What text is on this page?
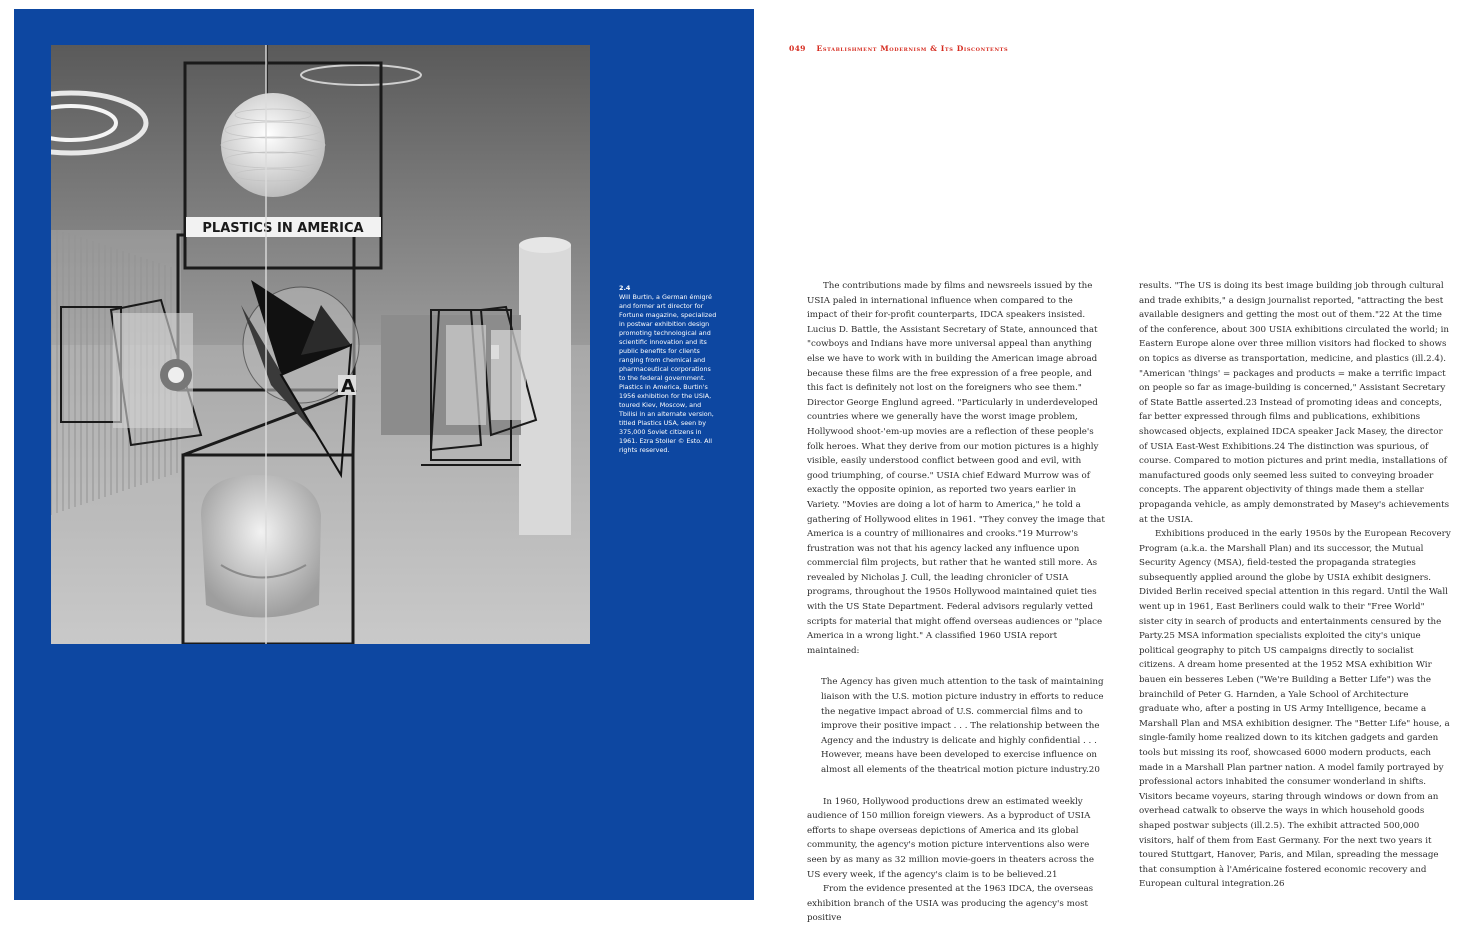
PLASTICS IN AMERICA
A
2.4
Will Burtin, a German émigré and former art director for Fortune magazine, specialized in postwar exhibition design promoting technological and scientific innovation and its public benefits for clients ranging from chemical and pharmaceutical corporations to the federal government. Plastics in America, Burtin's 1956 exhibition for the USIA, toured Kiev, Moscow, and Tbilisi in an alternate version, titled Plastics USA, seen by 375,000 Soviet citizens in 1961. Ezra Stoller © Esto. All rights reserved.
049 Establishment Modernism & Its Discontents

The contributions made by films and newsreels issued by the USIA paled in international influence when compared to the impact of their for-profit counterparts, IDCA speakers insisted. Lucius D. Battle, the Assistant Secretary of State, announced that "cowboys and Indians have more universal appeal than anything else we have to work with in building the American image abroad because these films are the free expression of a free people, and this fact is definitely not lost on the foreigners who see them." Director George Englund agreed. "Particularly in underdeveloped countries where we generally have the worst image problem, Hollywood shoot-'em-up movies are a reflection of these people's folk heroes. What they derive from our motion pictures is a highly visible, easily understood conflict between good and evil, with good triumphing, of course." USIA chief Edward Murrow was of exactly the opposite opinion, as reported two years earlier in Variety. "Movies are doing a lot of harm to America," he told a gathering of Hollywood elites in 1961. "They convey the image that America is a country of millionaires and crooks."19 Murrow's frustration was not that his agency lacked any influence upon commercial film projects, but rather that he wanted still more. As revealed by Nicholas J. Cull, the leading chronicler of USIA programs, throughout the 1950s Hollywood maintained quiet ties with the US State Department. Federal advisors regularly vetted scripts for material that might offend overseas audiences or "place America in a wrong light." A classified 1960 USIA report maintained:

The Agency has given much attention to the task of maintaining liaison with the U.S. motion picture industry in efforts to reduce the negative impact abroad of U.S. commercial films and to improve their positive impact . . . The relationship between the Agency and the industry is delicate and highly confidential . . . However, means have been developed to exercise influence on almost all elements of the theatrical motion picture industry.20

In 1960, Hollywood productions drew an estimated weekly audience of 150 million foreign viewers. As a byproduct of USIA efforts to shape overseas depictions of America and its global community, the agency's motion picture interventions also were seen by as many as 32 million movie-goers in theaters across the US every week, if the agency's claim is to be believed.21

From the evidence presented at the 1963 IDCA, the overseas exhibition branch of the USIA was producing the agency's most positive

results. "The US is doing its best image building job through cultural and trade exhibits," a design journalist reported, "attracting the best available designers and getting the most out of them."22 At the time of the conference, about 300 USIA exhibitions circulated the world; in Eastern Europe alone over three million visitors had flocked to shows on topics as diverse as transportation, medicine, and plastics (ill.2.4). "American 'things' = packages and products = make a terrific impact on people so far as image-building is concerned," Assistant Secretary of State Battle asserted.23 Instead of promoting ideas and concepts, far better expressed through films and publications, exhibitions showcased objects, explained IDCA speaker Jack Masey, the director of USIA East-West Exhibitions.24 The distinction was spurious, of course. Compared to motion pictures and print media, installations of manufactured goods only seemed less suited to conveying broader concepts. The apparent objectivity of things made them a stellar propaganda vehicle, as amply demonstrated by Masey's achievements at the USIA.

Exhibitions produced in the early 1950s by the European Recovery Program (a.k.a. the Marshall Plan) and its successor, the Mutual Security Agency (MSA), field-tested the propaganda strategies subsequently applied around the globe by USIA exhibit designers. Divided Berlin received special attention in this regard. Until the Wall went up in 1961, East Berliners could walk to their "Free World" sister city in search of products and entertainments censured by the Party.25 MSA information specialists exploited the city's unique political geography to pitch US campaigns directly to socialist citizens. A dream home presented at the 1952 MSA exhibition Wir bauen ein besseres Leben ("We're Building a Better Life") was the brainchild of Peter G. Harnden, a Yale School of Architecture graduate who, after a posting in US Army Intelligence, became a Marshall Plan and MSA exhibition designer. The "Better Life" house, a single-family home realized down to its kitchen gadgets and garden tools but missing its roof, showcased 6000 modern products, each made in a Marshall Plan partner nation. A model family portrayed by professional actors inhabited the consumer wonderland in shifts. Visitors became voyeurs, staring through windows or down from an overhead catwalk to observe the ways in which household goods shaped postwar subjects (ill.2.5). The exhibit attracted 500,000 visitors, half of them from East Germany. For the next two years it toured Stuttgart, Hanover, Paris, and Milan, spreading the message that consumption à l'Américaine fostered economic recovery and European cultural integration.26
